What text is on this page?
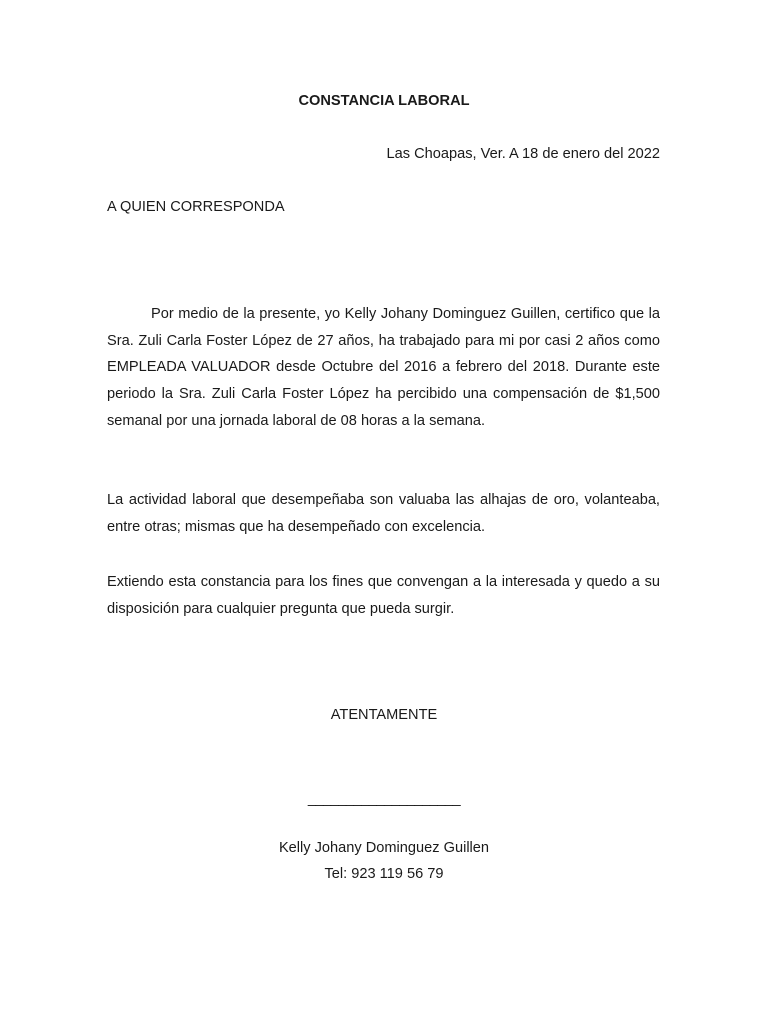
CONSTANCIA LABORAL
Las Choapas, Ver. A 18 de enero del 2022
A QUIEN CORRESPONDA

Por medio de la presente, yo Kelly Johany Dominguez Guillen, certifico que la Sra. Zuli Carla Foster López de 27 años, ha trabajado para mi por casi 2 años como EMPLEADA VALUADOR desde Octubre del 2016 a febrero del 2018. Durante este periodo la Sra. Zuli Carla Foster López ha percibido una compensación de $1,500 semanal por una jornada laboral de 08 horas a la semana.

La actividad laboral que desempeñaba son valuaba las alhajas de oro, volanteaba, entre otras; mismas que ha desempeñado con excelencia.

Extiendo esta constancia para los fines que convengan a la interesada y quedo a su disposición para cualquier pregunta que pueda surgir.

ATENTAMENTE
____________________
Kelly Johany Dominguez Guillen
Tel: 923 119 56 79
